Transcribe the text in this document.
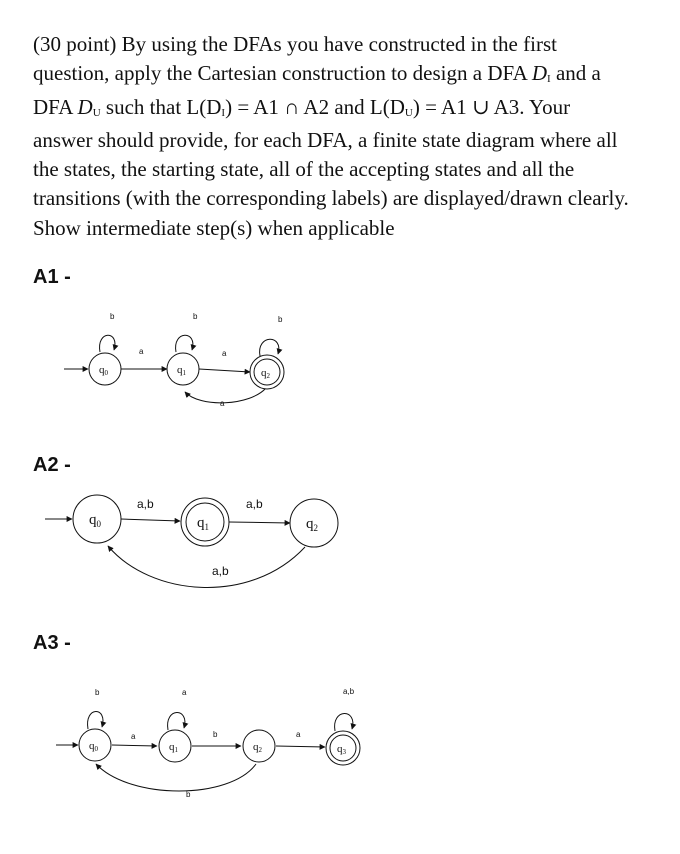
(30 point) By using the DFAs you have constructed in the first question, apply the Cartesian construction to design a DFA $D_I$ and a DFA $D_U$ such that $L(D_I) = A1$ ∩ A2 and $L(D_U) = A1$ ∪ A3. Your answer should provide, for each DFA, a finite state diagram where all the states, the starting state, all of the accepting states and all the transitions (with the corresponding labels) are displayed/drawn clearly. Show intermediate step(s) when applicable
A1 -
q0	q1	q2
b	b	b
a	a
a
A2 -
$q_0$	$q_1$	$q_2$
a,b	a,b
a,b
A3 -
q0	q1	q2	q3
b	a	a,b
a	b	a
b
